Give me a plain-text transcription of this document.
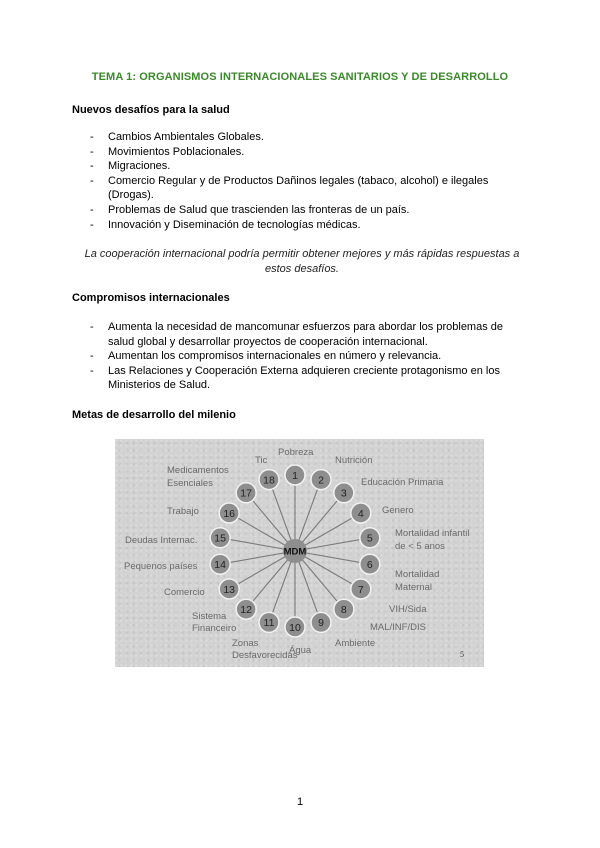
TEMA 1: ORGANISMOS INTERNACIONALES SANITARIOS Y DE DESARROLLO
Nuevos desafíos para la salud
- Cambios Ambientales Globales.
- Movimientos Poblacionales.
- Migraciones.
- Comercio Regular y de Productos Dañinos legales (tabaco, alcohol) e ilegales (Drogas).
- Problemas de Salud que trascienden las fronteras de un país.
- Innovación y Diseminación de tecnologías médicas.
La cooperación internacional podría permitir obtener mejores y más rápidas respuestas a estos desafíos.
Compromisos internacionales
- Aumenta la necesidad de mancomunar esfuerzos para abordar los problemas de salud global y desarrollar proyectos de cooperación internacional.
- Aumentan los compromisos internacionales en número y relevancia.
- Las Relaciones y Cooperación Externa adquieren creciente protagonismo en los Ministerios de Salud.
Metas de desarrollo del milenio
MDM
1 2
3
4
5
6
7
8
9
10
11
12
13
14
15
16
17
18
Pobreza
Nutrición
Educación Primaria
Genero
Mortalidad infantil
de < 5 anos
Mortalidad
Maternal
VIH/Sida
MAL/INF/DIS
Ambiente
Água
Zonas
Desfavorecidas
Sistema
Financeiro
Comercio
Pequenos países
Deudas Internac.
Trabajo
Medicamentos
Esenciales
Tic
5
1
